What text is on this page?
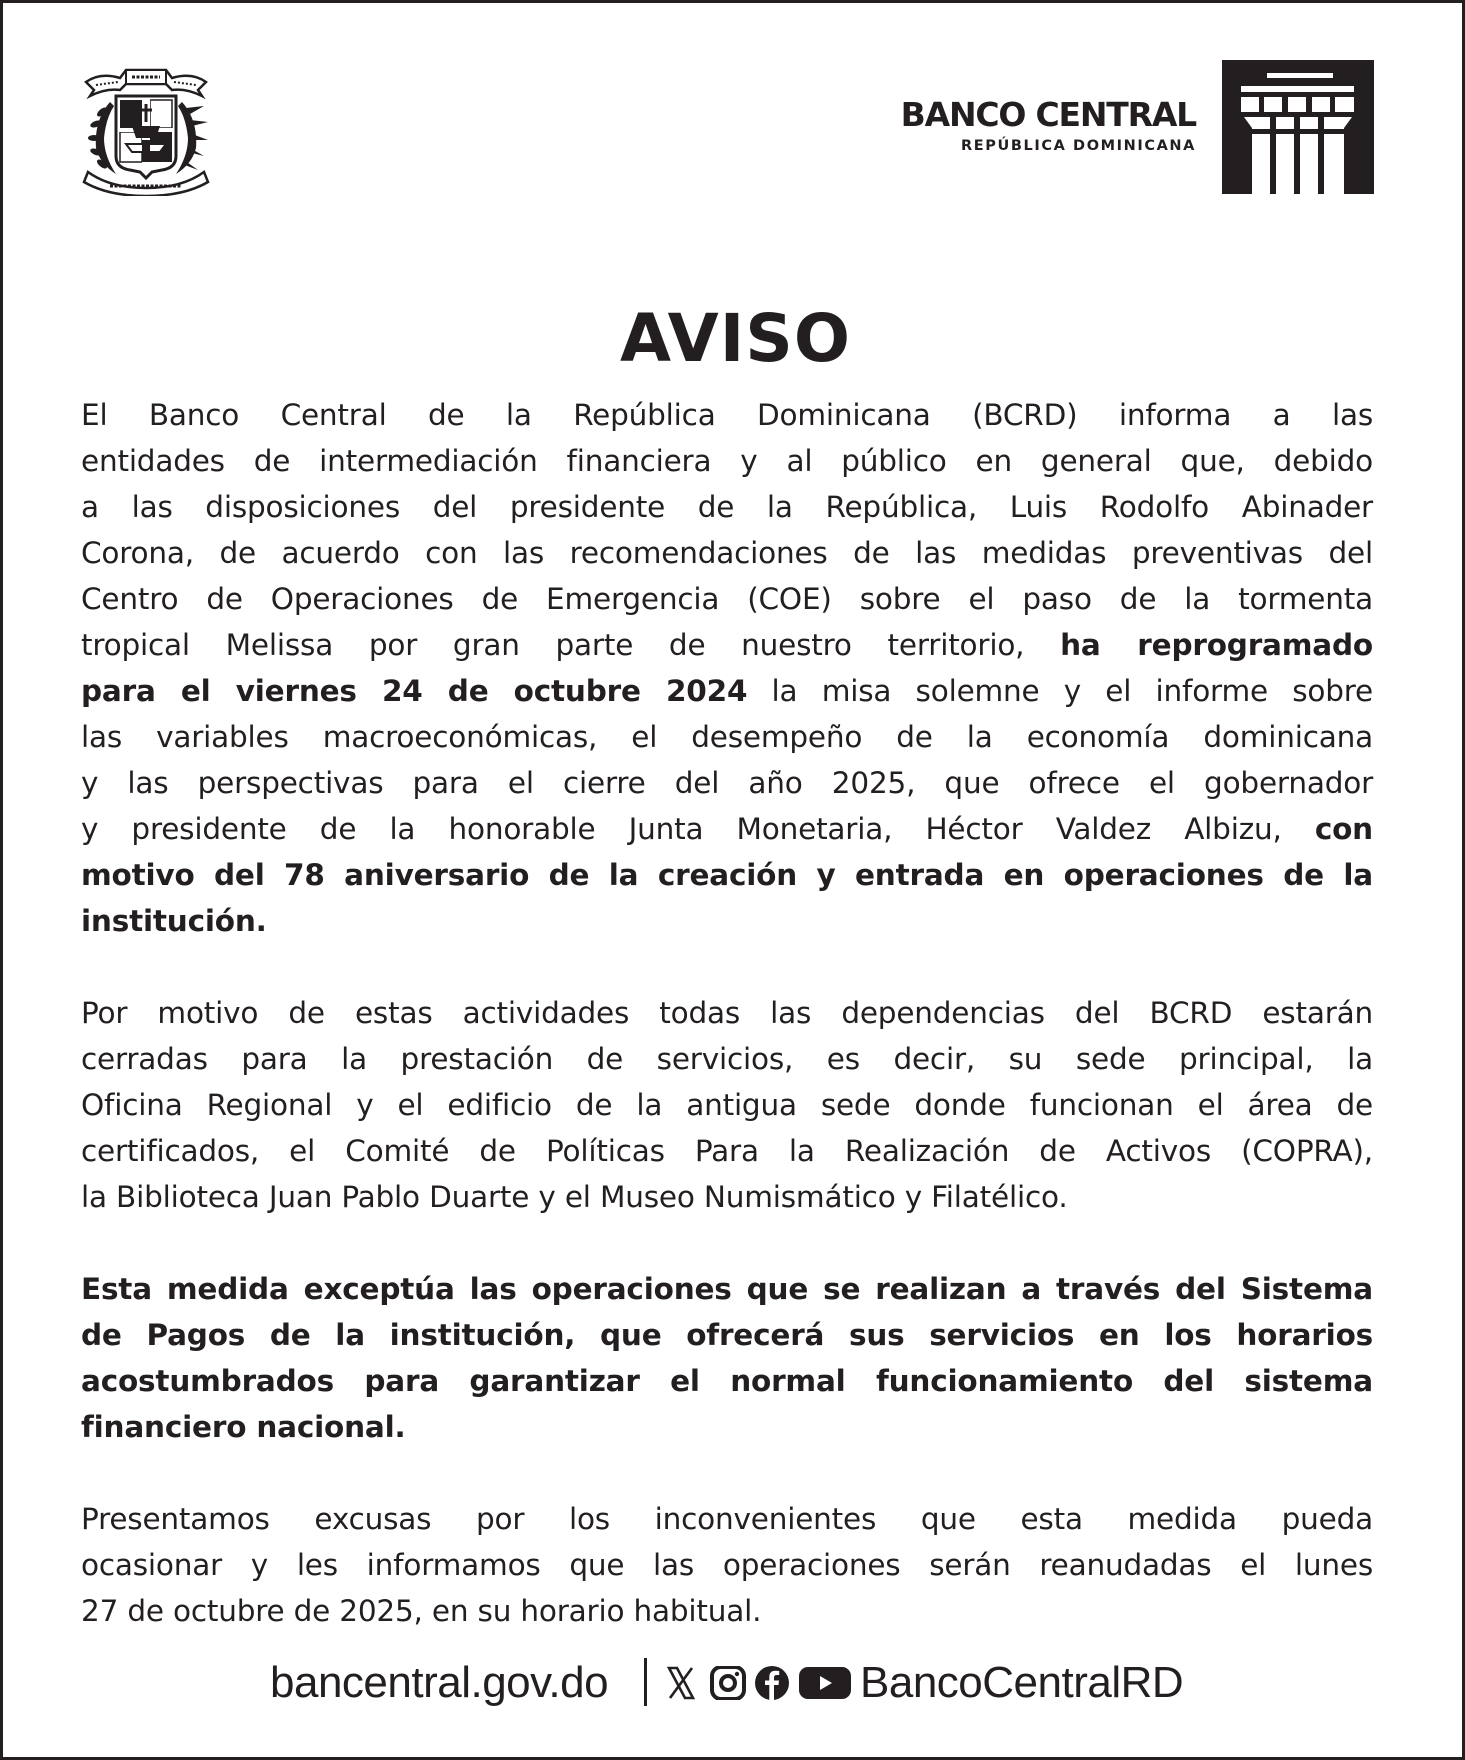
BANCO CENTRAL
REPÚBLICA DOMINICANA
AVISO
El Banco Central de la República Dominicana (BCRD) informa a las
entidades de intermediación financiera y al público en general que, debido
a las disposiciones del presidente de la República, Luis Rodolfo Abinader
Corona, de acuerdo con las recomendaciones de las medidas preventivas del
Centro de Operaciones de Emergencia (COE) sobre el paso de la tormenta
tropical Melissa por gran parte de nuestro territorio, ha reprogramado
para el viernes 24 de octubre 2024 la misa solemne y el informe sobre
las variables macroeconómicas, el desempeño de la economía dominicana
y las perspectivas para el cierre del año 2025, que ofrece el gobernador
y presidente de la honorable Junta Monetaria, Héctor Valdez Albizu, con
motivo del 78 aniversario de la creación y entrada en operaciones de la
institución.
Por motivo de estas actividades todas las dependencias del BCRD estarán
cerradas para la prestación de servicios, es decir, su sede principal, la
Oficina Regional y el edificio de la antigua sede donde funcionan el área de
certificados, el Comité de Políticas Para la Realización de Activos (COPRA),
la Biblioteca Juan Pablo Duarte y el Museo Numismático y Filatélico.
Esta medida exceptúa las operaciones que se realizan a través del Sistema
de Pagos de la institución, que ofrecerá sus servicios en los horarios
acostumbrados para garantizar el normal funcionamiento del sistema
financiero nacional.
Presentamos excusas por los inconvenientes que esta medida pueda
ocasionar y les informamos que las operaciones serán reanudadas el lunes
27 de octubre de 2025, en su horario habitual.
bancentral.gov.do	BancoCentralRD
